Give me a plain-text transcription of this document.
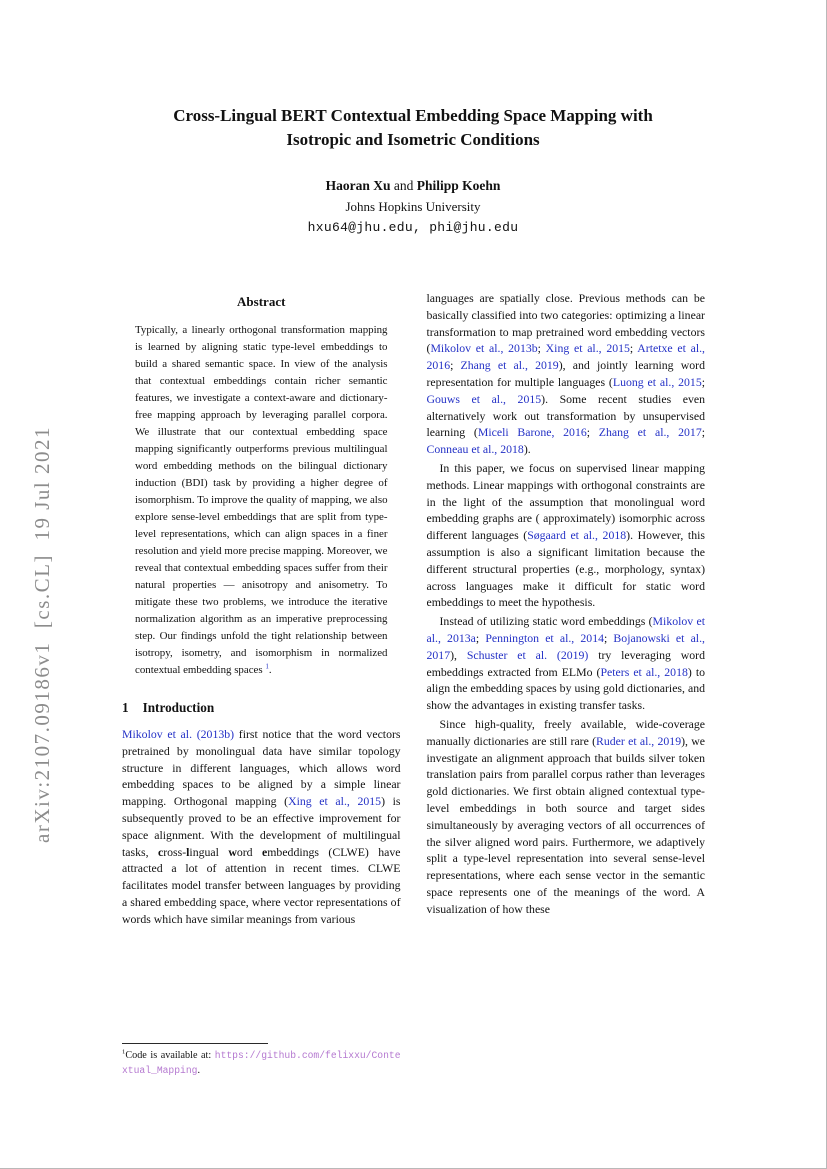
arXiv:2107.09186v1  [cs.CL]  19 Jul 2021
Cross-Lingual BERT Contextual Embedding Space Mapping with
Isotropic and Isometric Conditions
Haoran Xu and Philipp Koehn
Johns Hopkins University
hxu64@jhu.edu, phi@jhu.edu
Abstract
Typically, a linearly orthogonal transformation mapping is learned by aligning static type-level embeddings to build a shared semantic space. In view of the analysis that contextual embeddings contain richer semantic features, we investigate a context-aware and dictionary-free mapping approach by leveraging parallel corpora. We illustrate that our contextual embedding space mapping significantly outperforms previous multilingual word embedding methods on the bilingual dictionary induction (BDI) task by providing a higher degree of isomorphism. To improve the quality of mapping, we also explore sense-level embeddings that are split from type-level representations, which can align spaces in a finer resolution and yield more precise mapping. Moreover, we reveal that contextual embedding spaces suffer from their natural properties — anisotropy and anisometry. To mitigate these two problems, we introduce the iterative normalization algorithm as an imperative preprocessing step. Our findings unfold the tight relationship between isotropy, isometry, and isomorphism in normalized contextual embedding spaces $^1$.
1 Introduction

Mikolov et al. (2013b) first notice that the word vectors pretrained by monolingual data have similar topology structure in different languages, which allows word embedding spaces to be aligned by a simple linear mapping. Orthogonal mapping (Xing et al., 2015) is subsequently proved to be an effective improvement for space alignment. With the development of multilingual tasks, cross-lingual word embeddings (CLWE) have attracted a lot of attention in recent times. CLWE facilitates model transfer between languages by providing a shared embedding space, where vector representations of words which have similar meanings from various

$^1$Code is available at: https://github.com/felixxu/Contextual_Mapping.

languages are spatially close. Previous methods can be basically classified into two categories: optimizing a linear transformation to map pretrained word embedding vectors (Mikolov et al., 2013b; Xing et al., 2015; Artetxe et al., 2016; Zhang et al., 2019), and jointly learning word representation for multiple languages (Luong et al., 2015; Gouws et al., 2015). Some recent studies even alternatively work out transformation by unsupervised learning (Miceli Barone, 2016; Zhang et al., 2017; Conneau et al., 2018).

In this paper, we focus on supervised linear mapping methods. Linear mappings with orthogonal constraints are in the light of the assumption that monolingual word embedding graphs are ( approximately) isomorphic across different languages (Søgaard et al., 2018). However, this assumption is also a significant limitation because the different structural properties (e.g., morphology, syntax) across languages make it difficult for static word embeddings to meet the hypothesis.

Instead of utilizing static word embeddings (Mikolov et al., 2013a; Pennington et al., 2014; Bojanowski et al., 2017), Schuster et al. (2019) try leveraging word embeddings extracted from ELMo (Peters et al., 2018) to align the embedding spaces by using gold dictionaries, and show the advantages in existing transfer tasks.

Since high-quality, freely available, wide-coverage manually dictionaries are still rare (Ruder et al., 2019), we investigate an alignment approach that builds silver token translation pairs from parallel corpus rather than leverages gold dictionaries. We first obtain aligned contextual type-level embeddings in both source and target sides simultaneously by averaging vectors of all occurrences of the silver aligned word pairs. Furthermore, we adaptively split a type-level representation into several sense-level representations, where each sense vector in the semantic space represents one of the meanings of the word. A visualization of how these
